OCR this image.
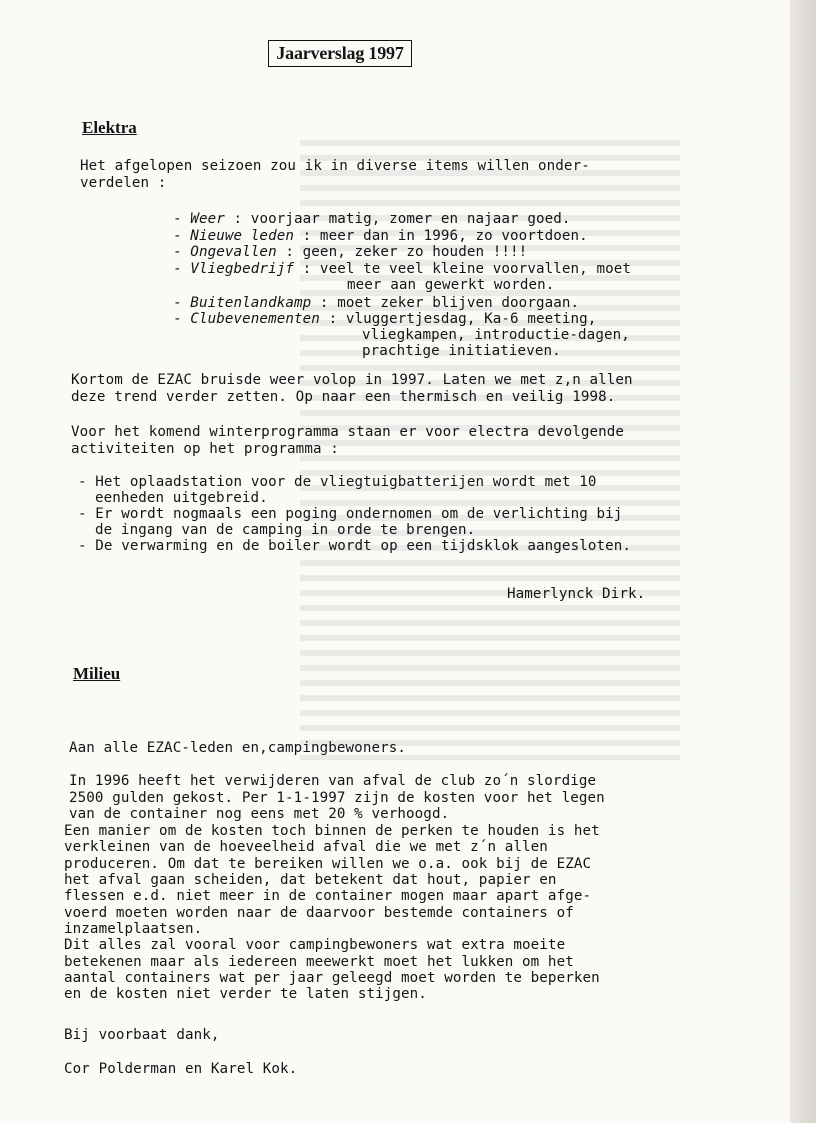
Jaarverslag 1997
Elektra
Het afgelopen seizoen zou ik in diverse items willen onder-
verdelen :
- Weer : voorjaar matig, zomer en najaar goed.
- Nieuwe leden : meer dan in 1996, zo voortdoen.
- Ongevallen : geen, zeker zo houden !!!!
- Vliegbedrijf : veel te veel kleine voorvallen, moet
meer aan gewerkt worden.
- Buitenlandkamp : moet zeker blijven doorgaan.
- Clubevenementen : vluggertjesdag, Ka-6 meeting,
vliegkampen, introductie-dagen,
prachtige initiatieven.
Kortom de EZAC bruisde weer volop in 1997. Laten we met z,n allen
deze trend verder zetten. Op naar een thermisch en veilig 1998.
Voor het komend winterprogramma staan er voor electra devolgende
activiteiten op het programma :
- Het oplaadstation voor de vliegtuigbatterijen wordt met 10
eenheden uitgebreid.
- Er wordt nogmaals een poging ondernomen om de verlichting bij
de ingang van de camping in orde te brengen.
- De verwarming en de boiler wordt op een tijdsklok aangesloten.
Hamerlynck Dirk.
Milieu
Aan alle EZAC-leden en,campingbewoners.
In 1996 heeft het verwijderen van afval de club zo´n slordige
2500 gulden gekost. Per 1-1-1997 zijn de kosten voor het legen
van de container nog eens met 20 % verhoogd.
Een manier om de kosten toch binnen de perken te houden is het
verkleinen van de hoeveelheid afval die we met z´n allen
produceren. Om dat te bereiken willen we o.a. ook bij de EZAC
het afval gaan scheiden, dat betekent dat hout, papier en
flessen e.d. niet meer in de container mogen maar apart afge-
voerd moeten worden naar de daarvoor bestemde containers of
inzamelplaatsen.
Dit alles zal vooral voor campingbewoners wat extra moeite
betekenen maar als iedereen meewerkt moet het lukken om het
aantal containers wat per jaar geleegd moet worden te beperken
en de kosten niet verder te laten stijgen.
Bij voorbaat dank,
Cor Polderman en Karel Kok.
